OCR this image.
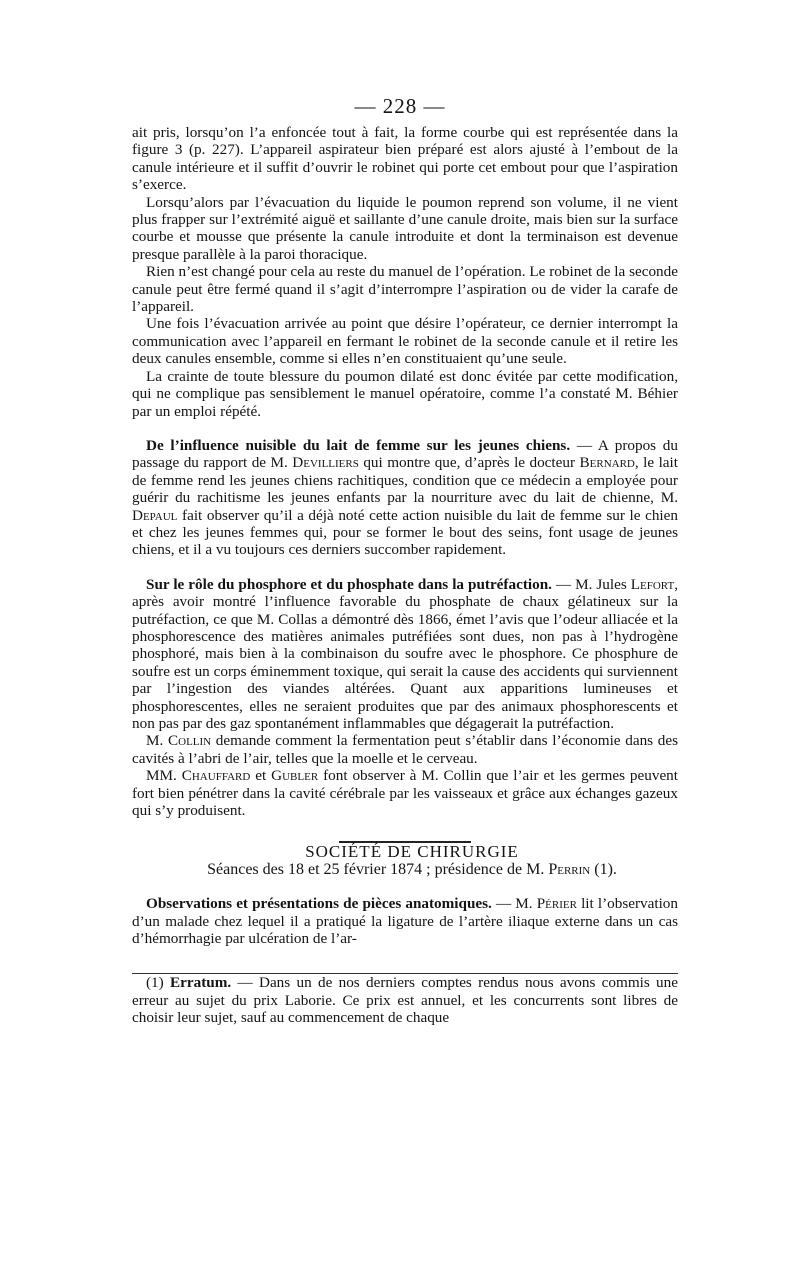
— 228 —

ait pris, lorsqu’on l’a enfoncée tout à fait, la forme courbe qui est représentée dans la figure 3 (p. 227). L’appareil aspirateur bien préparé est alors ajusté à l’embout de la canule intérieure et il suffit d’ouvrir le robinet qui porte cet embout pour que l’aspiration s’exerce.

Lorsqu’alors par l’évacuation du liquide le poumon reprend son volume, il ne vient plus frapper sur l’extrémité aiguë et saillante d’une canule droite, mais bien sur la surface courbe et mousse que présente la canule introduite et dont la terminaison est devenue presque parallèle à la paroi thoracique.

Rien n’est changé pour cela au reste du manuel de l’opération. Le robinet de la seconde canule peut être fermé quand il s’agit d’interrompre l’aspiration ou de vider la carafe de l’appareil.

Une fois l’évacuation arrivée au point que désire l’opérateur, ce dernier interrompt la communication avec l’appareil en fermant le robinet de la seconde canule et il retire les deux canules ensemble, comme si elles n’en constituaient qu’une seule.

La crainte de toute blessure du poumon dilaté est donc évitée par cette modification, qui ne complique pas sensiblement le manuel opératoire, comme l’a constaté M. Béhier par un emploi répété.

De l’influence nuisible du lait de femme sur les jeunes chiens. — A propos du passage du rapport de M. Devilliers qui montre que, d’après le docteur Bernard, le lait de femme rend les jeunes chiens rachitiques, condition que ce médecin a employée pour guérir du rachitisme les jeunes enfants par la nourriture avec du lait de chienne, M. Depaul fait observer qu’il a déjà noté cette action nuisible du lait de femme sur le chien et chez les jeunes femmes qui, pour se former le bout des seins, font usage de jeunes chiens, et il a vu toujours ces derniers succomber rapidement.

Sur le rôle du phosphore et du phosphate dans la putréfaction. — M. Jules Lefort, après avoir montré l’influence favorable du phosphate de chaux gélatineux sur la putréfaction, ce que M. Collas a démontré dès 1866, émet l’avis que l’odeur alliacée et la phosphorescence des matières animales putréfiées sont dues, non pas à l’hydrogène phosphoré, mais bien à la combinaison du soufre avec le phosphore. Ce phosphure de soufre est un corps éminemment toxique, qui serait la cause des accidents qui surviennent par l’ingestion des viandes altérées. Quant aux apparitions lumineuses et phosphorescentes, elles ne seraient produites que par des animaux phosphorescents et non pas par des gaz spontanément inflammables que dégagerait la putréfaction.

M. Collin demande comment la fermentation peut s’établir dans l’économie dans des cavités à l’abri de l’air, telles que la moelle et le cerveau.

MM. Chauffard et Gubler font observer à M. Collin que l’air et les germes peuvent fort bien pénétrer dans la cavité cérébrale par les vaisseaux et grâce aux échanges gazeux qui s’y produisent.

SOCIÉTÉ DE CHIRURGIE

Séances des 18 et 25 février 1874 ; présidence de M. Perrin (1).

Observations et présentations de pièces anatomiques. — M. Périer lit l’observation d’un malade chez lequel il a pratiqué la ligature de l’artère iliaque externe dans un cas d’hémorrhagie par ulcération de l’ar-

(1) Erratum. — Dans un de nos derniers comptes rendus nous avons commis une erreur au sujet du prix Laborie. Ce prix est annuel, et les concurrents sont libres de choisir leur sujet, sauf au commencement de chaque
